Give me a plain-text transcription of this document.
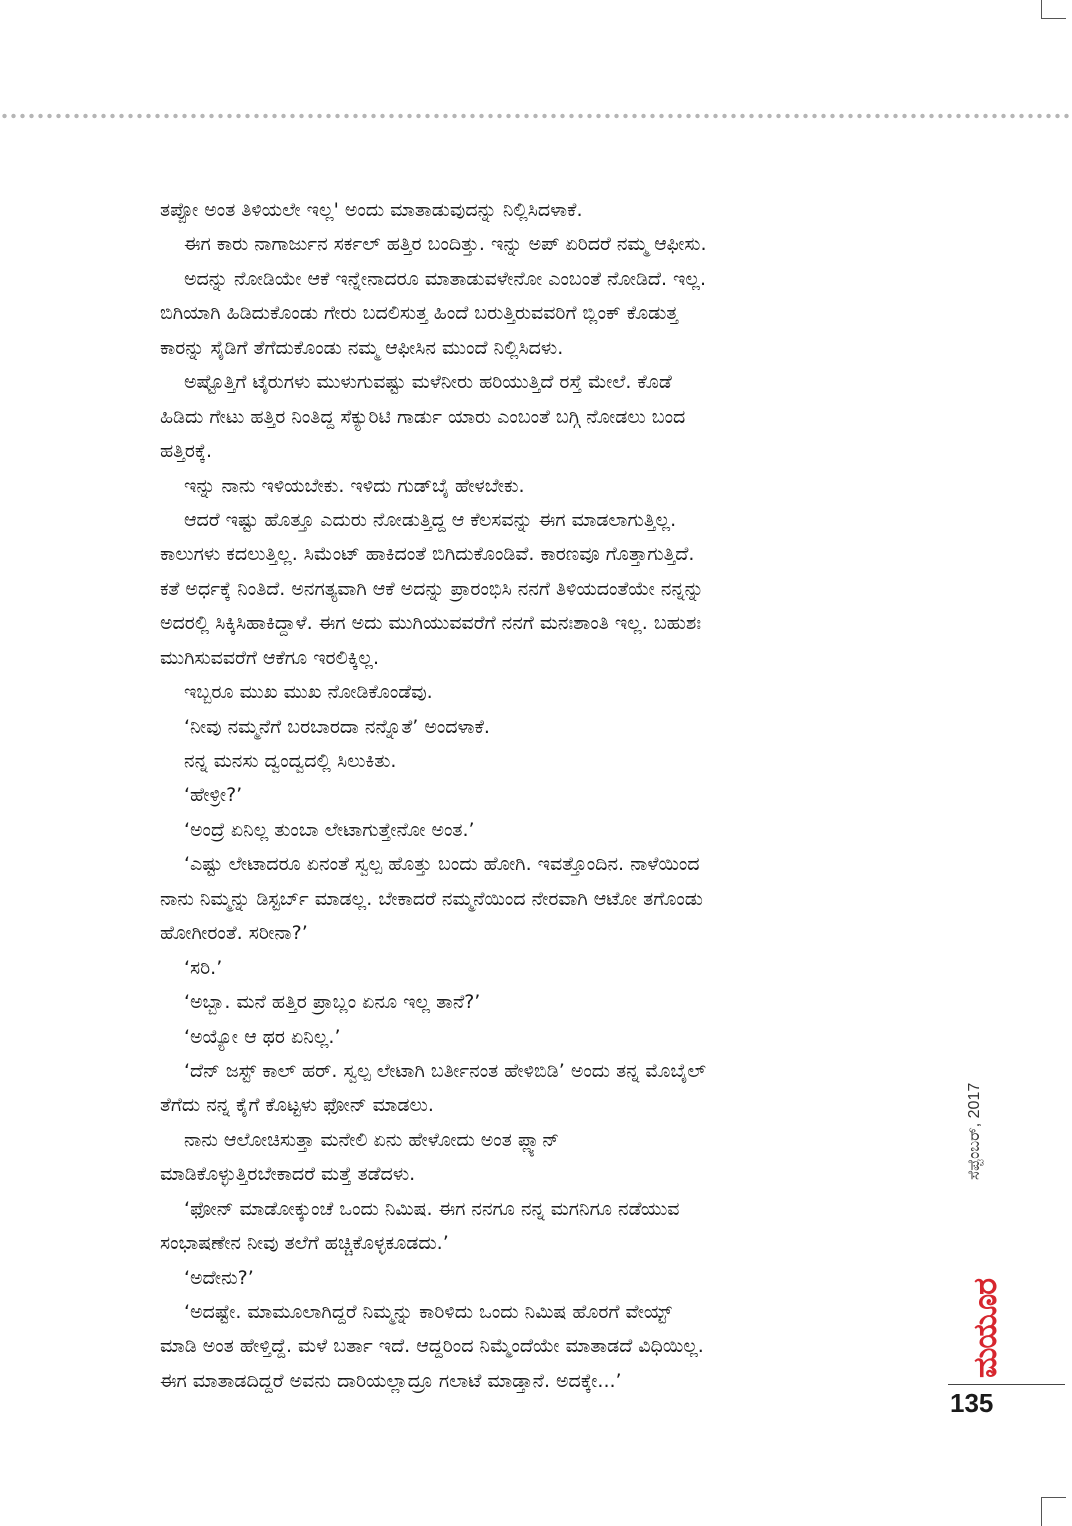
ತಪ್ಪೋ ಅಂತ ತಿಳಿಯಲೇ ಇಲ್ಲ' ಅಂದು ಮಾತಾಡುವುದನ್ನು ನಿಲ್ಲಿಸಿದಳಾಕೆ.
ಈಗ ಕಾರು ನಾಗಾರ್ಜುನ ಸರ್ಕಲ್ ಹತ್ತಿರ ಬಂದಿತ್ತು. ಇನ್ನು ಅಪ್ ಏರಿದರೆ ನಮ್ಮ ಆಫೀಸು.
ಅದನ್ನು ನೋಡಿಯೇ ಆಕೆ ಇನ್ನೇನಾದರೂ ಮಾತಾಡುವಳೇನೋ ಎಂಬಂತೆ ನೋಡಿದೆ. ಇಲ್ಲ.
ಬಿಗಿಯಾಗಿ ಹಿಡಿದುಕೊಂಡು ಗೇರು ಬದಲಿಸುತ್ತ ಹಿಂದೆ ಬರುತ್ತಿರುವವರಿಗೆ ಬ್ಲಿಂಕ್ ಕೊಡುತ್ತ
ಕಾರನ್ನು ಸೈಡಿಗೆ ತೆಗೆದುಕೊಂಡು ನಮ್ಮ ಆಫೀಸಿನ ಮುಂದೆ ನಿಲ್ಲಿಸಿದಳು.
ಅಷ್ಟೊತ್ತಿಗೆ ಟೈರುಗಳು ಮುಳುಗುವಷ್ಟು ಮಳೆನೀರು ಹರಿಯುತ್ತಿದೆ ರಸ್ತೆ ಮೇಲೆ. ಕೊಡೆ
ಹಿಡಿದು ಗೇಟು ಹತ್ತಿರ ನಿಂತಿದ್ದ ಸೆಕ್ಯುರಿಟಿ ಗಾರ್ಡು ಯಾರು ಎಂಬಂತೆ ಬಗ್ಗಿ ನೋಡಲು ಬಂದ
ಹತ್ತಿರಕ್ಕೆ.
ಇನ್ನು ನಾನು ಇಳಿಯಬೇಕು. ಇಳಿದು ಗುಡ್‌ಬೈ ಹೇಳಬೇಕು.
ಆದರೆ ಇಷ್ಟು ಹೊತ್ತೂ ಎದುರು ನೋಡುತ್ತಿದ್ದ ಆ ಕೆಲಸವನ್ನು ಈಗ ಮಾಡಲಾಗುತ್ತಿಲ್ಲ.
ಕಾಲುಗಳು ಕದಲುತ್ತಿಲ್ಲ. ಸಿಮೆಂಟ್ ಹಾಕಿದಂತೆ ಬಿಗಿದುಕೊಂಡಿವೆ. ಕಾರಣವೂ ಗೊತ್ತಾಗುತ್ತಿದೆ.
ಕತೆ ಅರ್ಧಕ್ಕೆ ನಿಂತಿದೆ. ಅನಗತ್ಯವಾಗಿ ಆಕೆ ಅದನ್ನು ಪ್ರಾರಂಭಿಸಿ ನನಗೆ ತಿಳಿಯದಂತೆಯೇ ನನ್ನನ್ನು
ಅದರಲ್ಲಿ ಸಿಕ್ಕಿಸಿಹಾಕಿದ್ದಾಳೆ. ಈಗ ಅದು ಮುಗಿಯುವವರೆಗೆ ನನಗೆ ಮನಃಶಾಂತಿ ಇಲ್ಲ. ಬಹುಶಃ
ಮುಗಿಸುವವರೆಗೆ ಆಕೆಗೂ ಇರಲಿಕ್ಕಿಲ್ಲ.
ಇಬ್ಬರೂ ಮುಖ ಮುಖ ನೋಡಿಕೊಂಡೆವು.
‘ನೀವು ನಮ್ಮನೆಗೆ ಬರಬಾರದಾ ನನ್ನೊತೆ’ ಅಂದಳಾಕೆ.
ನನ್ನ ಮನಸು ದ್ವಂದ್ವದಲ್ಲಿ ಸಿಲುಕಿತು.
‘ಹೇಳ್ರೀ?’
‘ಅಂದ್ರೆ ಏನಿಲ್ಲ ತುಂಬಾ ಲೇಟಾಗುತ್ತೇನೋ ಅಂತ.’
‘ಎಷ್ಟು ಲೇಟಾದರೂ ಏನಂತೆ ಸ್ವಲ್ಪ ಹೊತ್ತು ಬಂದು ಹೋಗಿ. ಇವತ್ತೊಂದಿನ. ನಾಳೆಯಿಂದ
ನಾನು ನಿಮ್ಮನ್ನು ಡಿಸ್ಟರ್ಬ್ ಮಾಡಲ್ಲ. ಬೇಕಾದರೆ ನಮ್ಮನೆಯಿಂದ ನೇರವಾಗಿ ಆಟೋ ತಗೊಂಡು
ಹೋಗೀರಂತೆ. ಸರೀನಾ?’
‘ಸರಿ.’
‘ಅಬ್ಬಾ. ಮನೆ ಹತ್ತಿರ ಪ್ರಾಬ್ಲಂ ಏನೂ ಇಲ್ಲ ತಾನೆ?’
‘ಅಯ್ಯೋ ಆ ಥರ ಏನಿಲ್ಲ.’
‘ದೆನ್ ಜಸ್ಟ್ ಕಾಲ್ ಹರ್. ಸ್ವಲ್ಪ ಲೇಟಾಗಿ ಬರ್ತೀನಂತ ಹೇಳಿಬಿಡಿ’ ಅಂದು ತನ್ನ ಮೊಬೈಲ್
ತೆಗೆದು ನನ್ನ ಕೈಗೆ ಕೊಟ್ಟಳು ಫೋನ್ ಮಾಡಲು.
ನಾನು ಆಲೋಚಿಸುತ್ತಾ ಮನೇಲಿ ಏನು ಹೇಳೋದು ಅಂತ ಪ್ಲ್ಯಾನ್
ಮಾಡಿಕೊಳ್ಳುತ್ತಿರಬೇಕಾದರೆ ಮತ್ತೆ ತಡೆದಳು.
‘ಫೋನ್ ಮಾಡೋಕ್ಕುಂಚೆ ಒಂದು ನಿಮಿಷ. ಈಗ ನನಗೂ ನನ್ನ ಮಗನಿಗೂ ನಡೆಯುವ
ಸಂಭಾಷಣೇನ ನೀವು ತಲೆಗೆ ಹಚ್ಚಿಕೊಳ್ಳಕೂಡದು.’
‘ಅದೇನು?’
‘ಅದಷ್ಟೇ. ಮಾಮೂಲಾಗಿದ್ದರೆ ನಿಮ್ಮನ್ನು ಕಾರಿಳಿದು ಒಂದು ನಿಮಿಷ ಹೊರಗೆ ವೇಯ್ಟ್
ಮಾಡಿ ಅಂತ ಹೇಳ್ತಿದ್ದೆ. ಮಳೆ ಬರ್ತಾ ಇದೆ. ಆದ್ದರಿಂದ ನಿಮ್ಮೆಂದೆಯೇ ಮಾತಾಡದೆ ವಿಧಿಯಿಲ್ಲ.
ಈಗ ಮಾತಾಡದಿದ್ದರೆ ಅವನು ದಾರಿಯಲ್ಲಾದ್ರೂ ಗಲಾಟೆ ಮಾಡ್ತಾನೆ. ಅದಕ್ಕೇ...’
ಸೆಪ್ಟೆಂಬರ್, 2017
ಮಯೂರ
135
